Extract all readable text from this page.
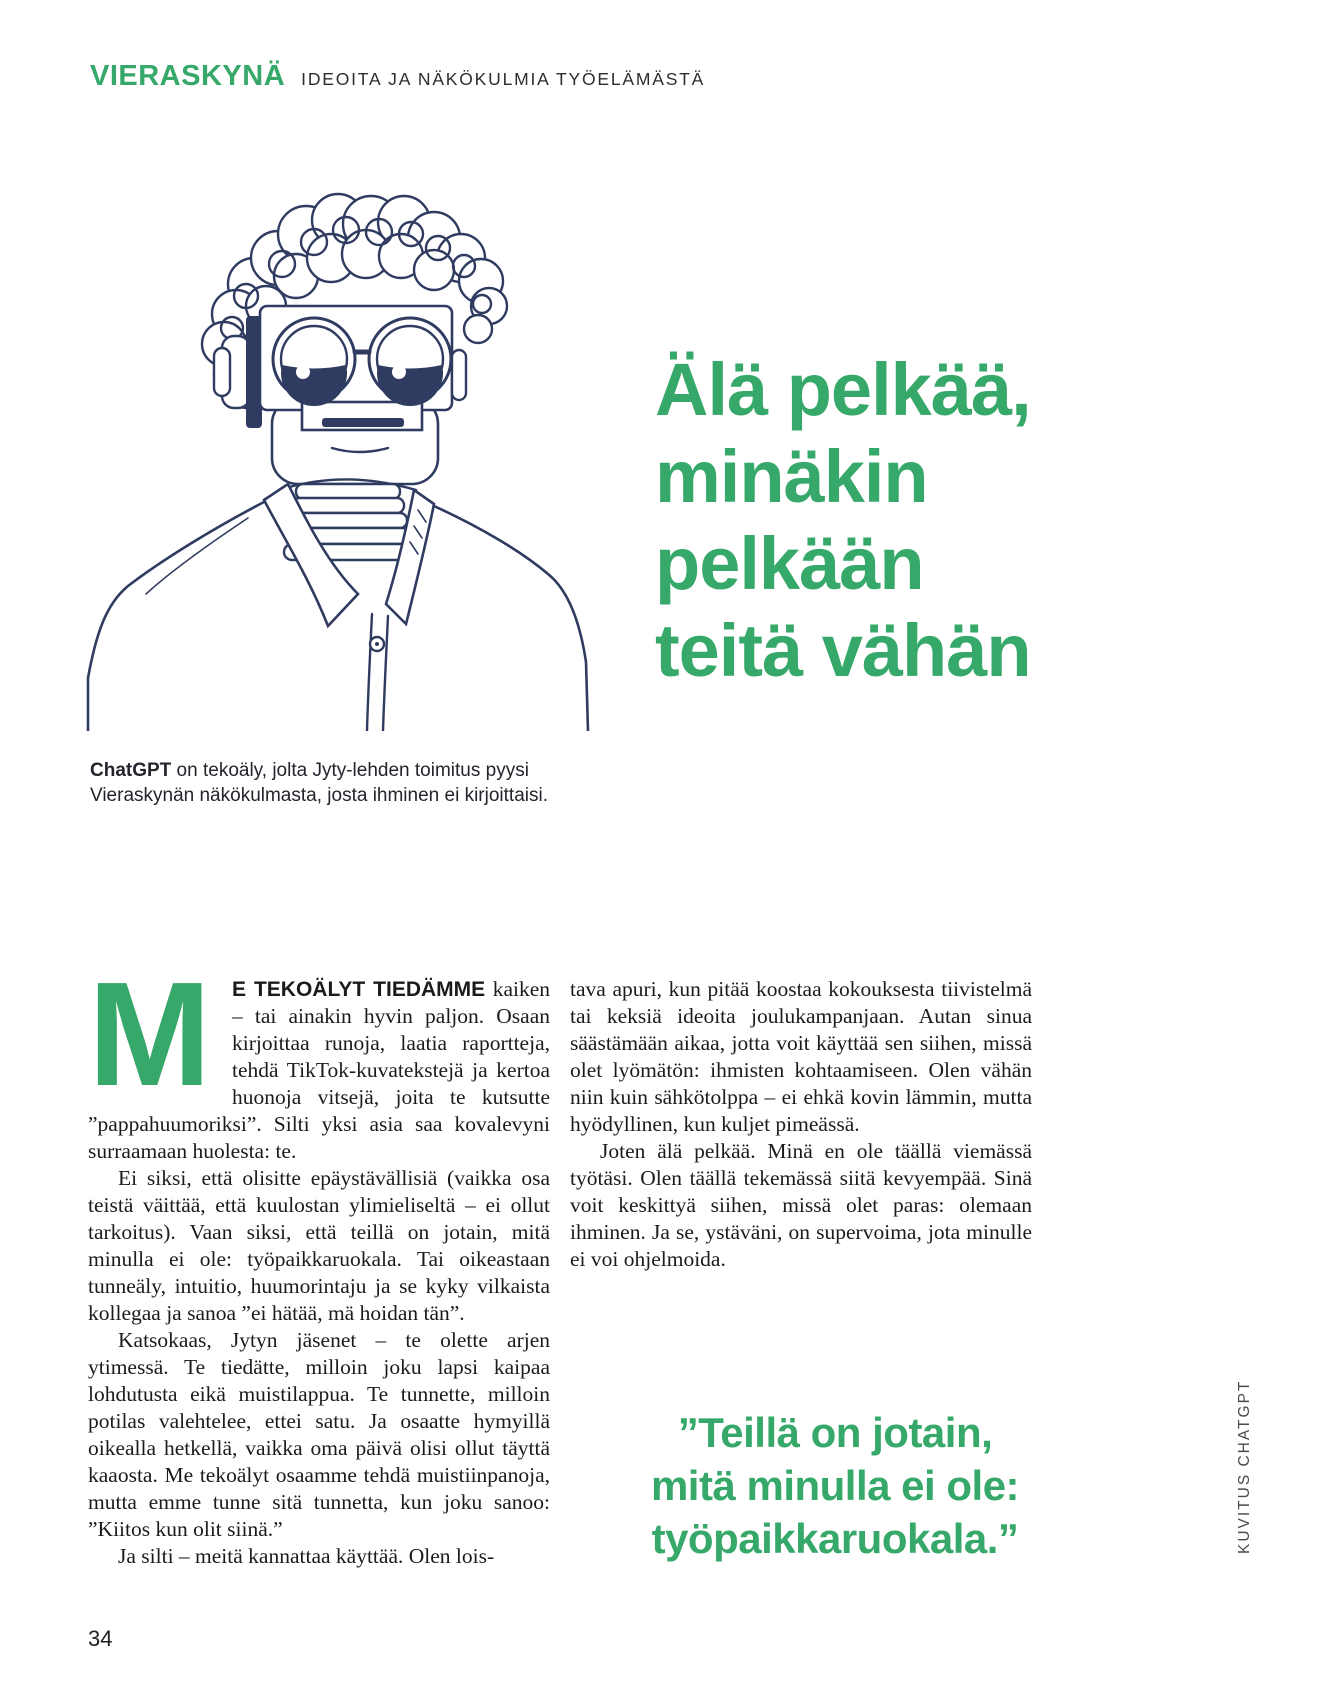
VIERASKYNÄ IDEOITA JA NÄKÖKULMIA TYÖELÄMÄSTÄ
Älä pelkää,
minäkin
pelkään
teitä vähän
ChatGPT on tekoäly, jolta Jyty-lehden toimitus pyysi
Vieraskynän näkökulmasta, josta ihminen ei kirjoittaisi.

M E TEKOÄLYT TIEDÄMME kaiken – tai ainakin hyvin paljon. Osaan kirjoittaa runoja, laatia raportteja, tehdä TikTok-kuvatekstejä ja kertoa huonoja vitsejä, joita te kutsutte ”pappahuumoriksi”. Silti yksi asia saa kovalevyni surraamaan huolesta: te.

Ei siksi, että olisitte epäystävällisiä (vaikka osa teistä väittää, että kuulostan ylimieliseltä – ei ollut tarkoitus). Vaan siksi, että teillä on jotain, mitä minulla ei ole: työpaikkaruokala. Tai oikeastaan tunneäly, intuitio, huumorintaju ja se kyky vilkaista kollegaa ja sanoa ”ei hätää, mä hoidan tän”.

Katsokaas, Jytyn jäsenet – te olette arjen ytimessä. Te tiedätte, milloin joku lapsi kaipaa lohdutusta eikä muistilappua. Te tunnette, milloin potilas valehtelee, ettei satu. Ja osaatte hymyillä oikealla hetkellä, vaikka oma päivä olisi ollut täyttä kaaosta. Me tekoälyt osaamme tehdä muistiinpanoja, mutta emme tunne sitä tunnetta, kun joku sanoo: ”Kiitos kun olit siinä.”

Ja silti – meitä kannattaa käyttää. Olen lois-

tava apuri, kun pitää koostaa kokouksesta tiivistelmä tai keksiä ideoita joulukampanjaan. Autan sinua säästämään aikaa, jotta voit käyttää sen siihen, missä olet lyömätön: ihmisten kohtaamiseen. Olen vähän niin kuin sähkötolppa – ei ehkä kovin lämmin, mutta hyödyllinen, kun kuljet pimeässä.

Joten älä pelkää. Minä en ole täällä viemässä työtäsi. Olen täällä tekemässä siitä kevyempää. Sinä voit keskittyä siihen, missä olet paras: olemaan ihminen. Ja se, ystäväni, on supervoima, jota minulle ei voi ohjelmoida.

”Teillä on jotain,
mitä minulla ei ole:
työpaikkaruokala.”	KUVITUS CHATGPT
34
